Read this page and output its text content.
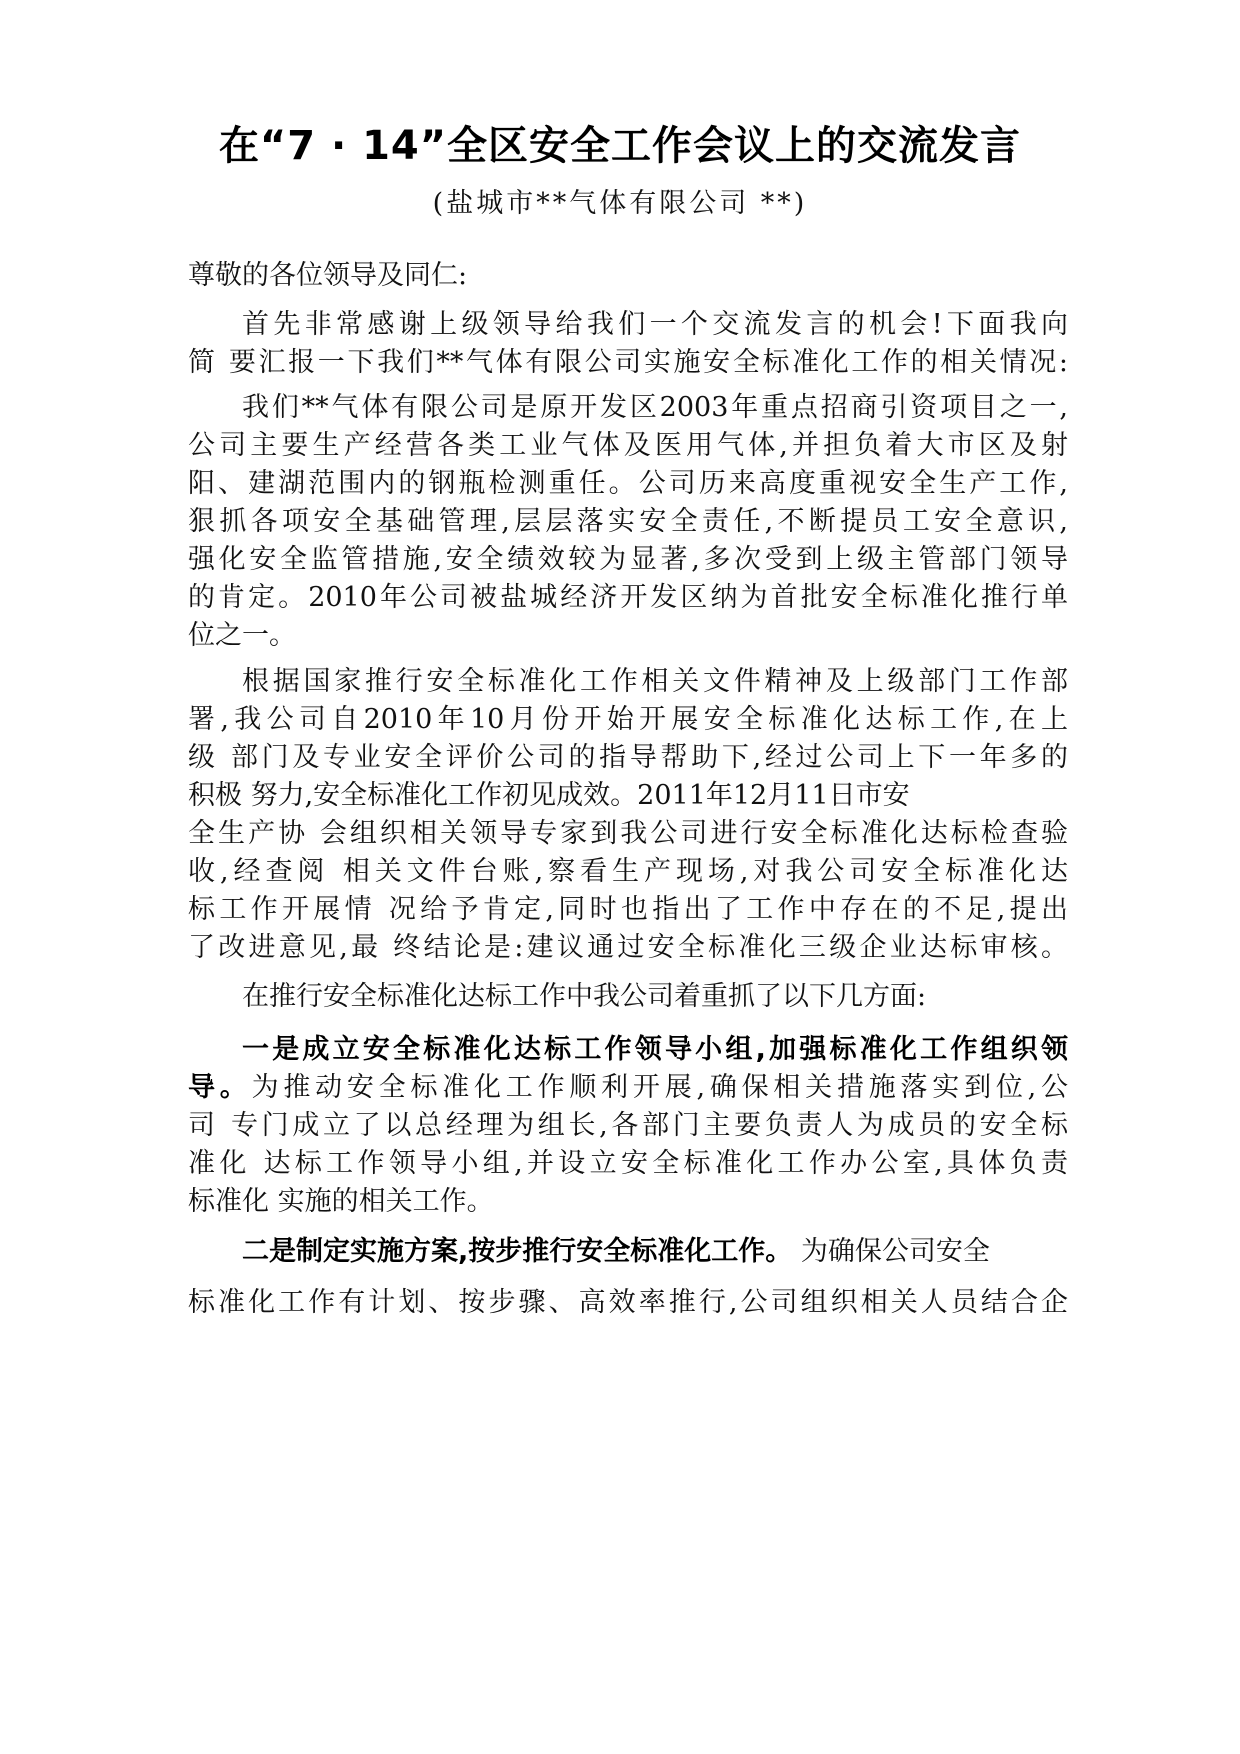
在“7 · 14”全区安全工作会议上的交流发言
(盐城市**气体有限公司 **)
尊敬的各位领导及同仁:
首先非常感谢上级领导给我们一个交流发言的机会!下面我向
简 要汇报一下我们**气体有限公司实施安全标准化工作的相关情况:
我们**气体有限公司是原开发区2003年重点招商引资项目之一,
公司主要生产经营各类工业气体及医用气体,并担负着大市区及射
阳、建湖范围内的钢瓶检测重任。公司历来高度重视安全生产工作,
狠抓各项安全基础管理,层层落实安全责任,不断提员工安全意识,
强化安全监管措施,安全绩效较为显著,多次受到上级主管部门领导
的肯定。2010年公司被盐城经济开发区纳为首批安全标准化推行单
位之一。
根据国家推行安全标准化工作相关文件精神及上级部门工作部
署,我公司自2010年10月份开始开展安全标准化达标工作,在上
级 部门及专业安全评价公司的指导帮助下,经过公司上下一年多的
积极 努力,安全标准化工作初见成效。2011年12月11日市安
全生产协 会组织相关领导专家到我公司进行安全标准化达标检查验
收,经查阅 相关文件台账,察看生产现场,对我公司安全标准化达
标工作开展情 况给予肯定,同时也指出了工作中存在的不足,提出
了改进意见,最 终结论是:建议通过安全标准化三级企业达标审核。
在推行安全标准化达标工作中我公司着重抓了以下几方面:
一是成立安全标准化达标工作领导小组,加强标准化工作组织领
导。为推动安全标准化工作顺利开展,确保相关措施落实到位,公
司 专门成立了以总经理为组长,各部门主要负责人为成员的安全标
准化 达标工作领导小组,并设立安全标准化工作办公室,具体负责
标准化 实施的相关工作。
二是制定实施方案,按步推行安全标准化工作。 为确保公司安全
标准化工作有计划、按步骤、高效率推行,公司组织相关人员结合企
